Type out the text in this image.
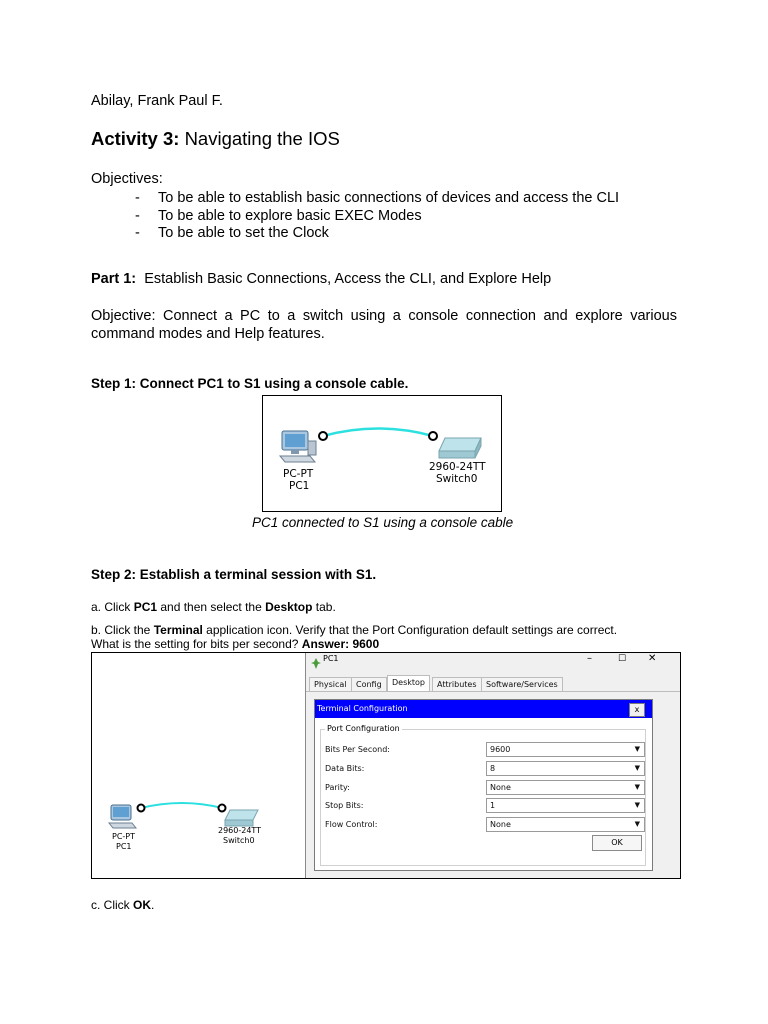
Abilay, Frank Paul F.
Activity 3: Navigating the IOS
Objectives:
- To be able to establish basic connections of devices and access the CLI
- To be able to explore basic EXEC Modes
- To be able to set the Clock
Part 1: Establish Basic Connections, Access the CLI, and Explore Help
Objective: Connect a PC to a switch using a console connection and explore various
command modes and Help features.
Step 1: Connect PC1 to S1 using a console cable.
PC-PT
PC1
2960-24TT
Switch0
PC1 connected to S1 using a console cable
Step 2: Establish a terminal session with S1.
a. Click PC1 and then select the Desktop tab.
b. Click the Terminal application icon. Verify that the Port Configuration default settings are correct.
What is the setting for bits per second? Answer: 9600
PC-PT
PC1
2960-24TT
Switch0
PC1	–	☐ ✕
Physical	Config	Desktop	Attributes	Software/Services
Terminal Configuration	x
Port Configuration
Bits Per Second:	9600	▼
Data Bits:	8	▼
Parity:	None	▼
Stop Bits:	1	▼
Flow Control:	None	▼
OK
c. Click OK.
